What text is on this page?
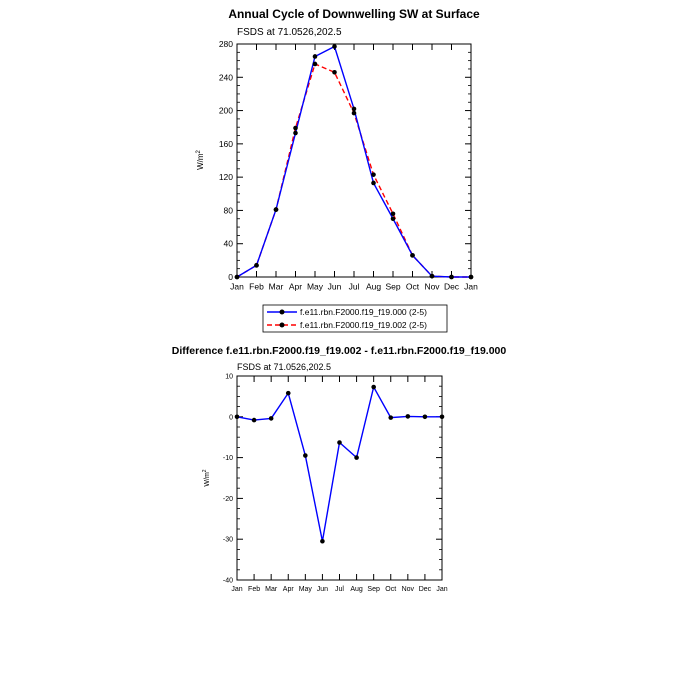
Annual Cycle of Downwelling SW at Surface
FSDS at 71.0526,202.5
$W/m^2$
0
40
80
120
160
200
240
280
Jan Feb Mar Apr May Jun Jul Aug Sep Oct Nov Dec Jan
f.e11.rbn.F2000.f19_f19.000 (2-5)
f.e11.rbn.F2000.f19_f19.002 (2-5)
Difference f.e11.rbn.F2000.f19_f19.002 - f.e11.rbn.F2000.f19_f19.000
FSDS at 71.0526,202.5
$W/m^2$
-40
-30
-20
-10
0
10
Jan Feb Mar Apr May Jun Jul Aug Sep Oct Nov Dec Jan
